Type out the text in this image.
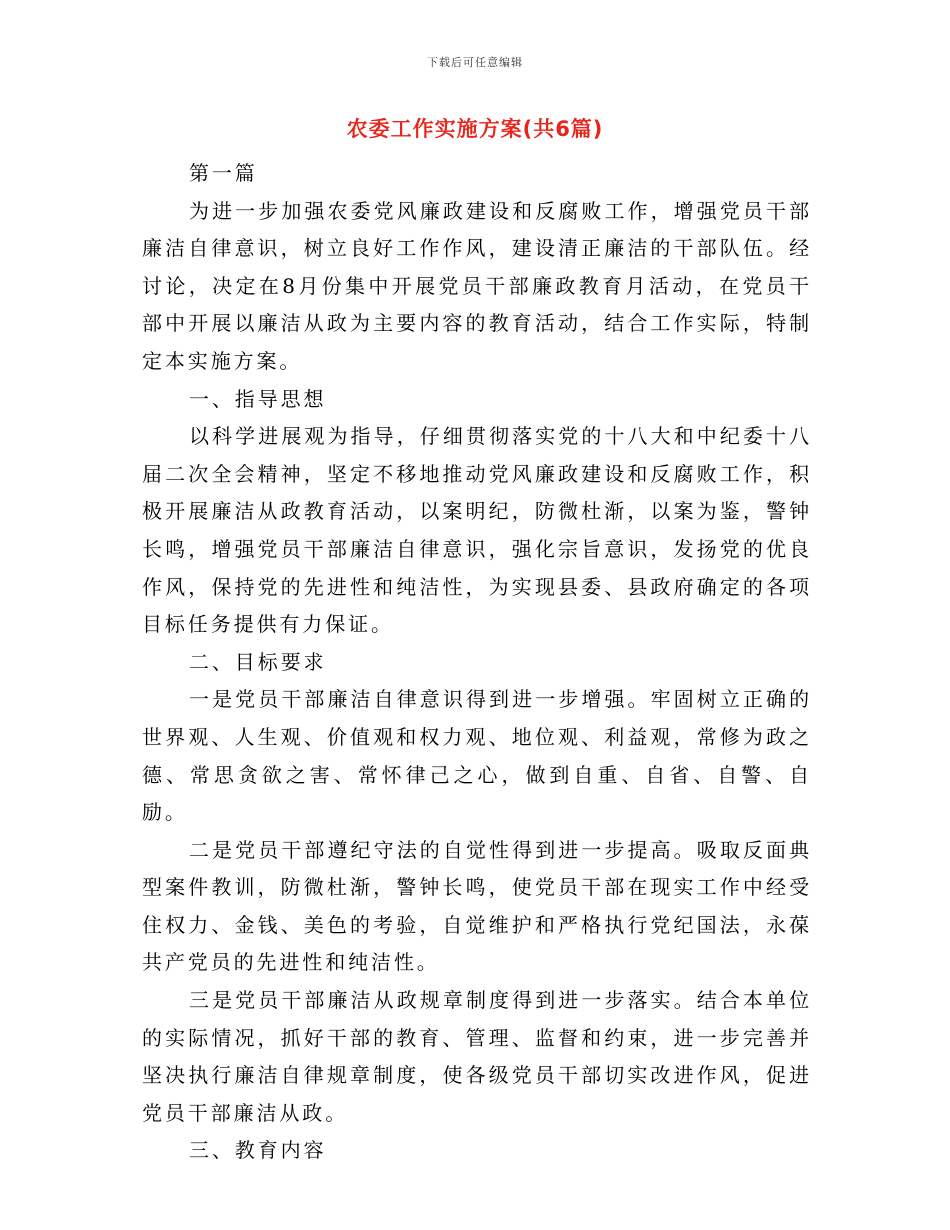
下载后可任意编辑
农委工作实施方案(共6篇)

第一篇

为进一步加强农委党风廉政建设和反腐败工作，增强党员干部廉洁自律意识，树立良好工作作风，建设清正廉洁的干部队伍。经讨论，决定在8月份集中开展党员干部廉政教育月活动，在党员干部中开展以廉洁从政为主要内容的教育活动，结合工作实际，特制定本实施方案。

一、指导思想

以科学进展观为指导，仔细贯彻落实党的十八大和中纪委十八届二次全会精神，坚定不移地推动党风廉政建设和反腐败工作，积极开展廉洁从政教育活动，以案明纪，防微杜渐，以案为鉴，警钟长鸣，增强党员干部廉洁自律意识，强化宗旨意识，发扬党的优良作风，保持党的先进性和纯洁性，为实现县委、县政府确定的各项目标任务提供有力保证。

二、目标要求

一是党员干部廉洁自律意识得到进一步增强。牢固树立正确的世界观、人生观、价值观和权力观、地位观、利益观，常修为政之德、常思贪欲之害、常怀律己之心，做到自重、自省、自警、自励。

二是党员干部遵纪守法的自觉性得到进一步提高。吸取反面典型案件教训，防微杜渐，警钟长鸣，使党员干部在现实工作中经受住权力、金钱、美色的考验，自觉维护和严格执行党纪国法，永葆共产党员的先进性和纯洁性。

三是党员干部廉洁从政规章制度得到进一步落实。结合本单位的实际情况，抓好干部的教育、管理、监督和约束，进一步完善并坚决执行廉洁自律规章制度，使各级党员干部切实改进作风，促进党员干部廉洁从政。

三、教育内容
